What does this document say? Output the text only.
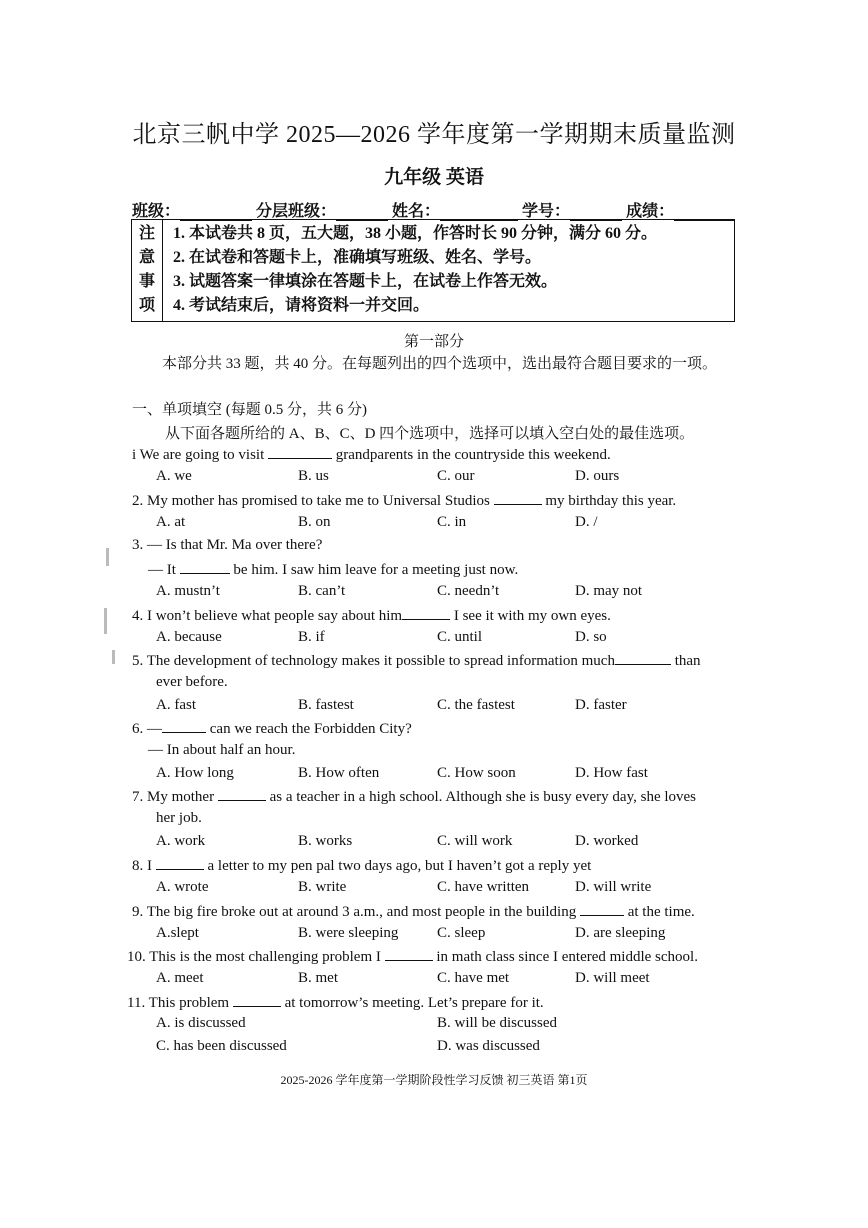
北京三帆中学 2025—2026 学年度第一学期期末质量监测
九年级 英语
班级：	分层班级：	姓名：	学号：	成绩：
注
意
事
项
1. 本试卷共 8 页，五大题，38 小题，作答时长 90 分钟，满分 60 分。
2. 在试卷和答题卡上，准确填写班级、姓名、学号。
3. 试题答案一律填涂在答题卡上，在试卷上作答无效。
4. 考试结束后，请将资料一并交回。
第一部分
本部分共 33 题，共 40 分。在每题列出的四个选项中，选出最符合题目要求的一项。
一、单项填空 (每题 0.5 分，共 6 分)
从下面各题所给的 A、B、C、D 四个选项中，选择可以填入空白处的最佳选项。
i We are going to visit	grandparents in the countryside this weekend.
A. we	B. us	C. our	D. ours
2. My mother has promised to take me to Universal Studios	my birthday this year.
A. at	B. on	C. in	D. /
3. — Is that Mr. Ma over there?
— It	be him. I saw him leave for a meeting just now.
A. mustn’t	B. can’t	C. needn’t	D. may not
4. I won’t believe what people say about him	I see it with my own eyes.
A. because	B. if	C. until	D. so
5. The development of technology makes it possible to spread information much	than
ever before.
A. fast	B. fastest	C. the fastest	D. faster
6. —	can we reach the Forbidden City?
— In about half an hour.
A. How long	B. How often	C. How soon	D. How fast
7. My mother	as a teacher in a high school. Although she is busy every day, she loves
her job.
A. work	B. works	C. will work	D. worked
8. I	a letter to my pen pal two days ago, but I haven’t got a reply yet
A. wrote	B. write	C. have written	D. will write
9. The big fire broke out at around 3 a.m., and most people in the building	at the time.
A.slept	B. were sleeping	C. sleep	D. are sleeping
10. This is the most challenging problem I	in math class since I entered middle school.
A. meet	B. met	C. have met	D. will meet
11. This problem	at tomorrow’s meeting. Let’s prepare for it.
A. is discussed	B. will be discussed
C. has been discussed	D. was discussed
2025-2026 学年度第一学期阶段性学习反馈 初三英语 第1页
